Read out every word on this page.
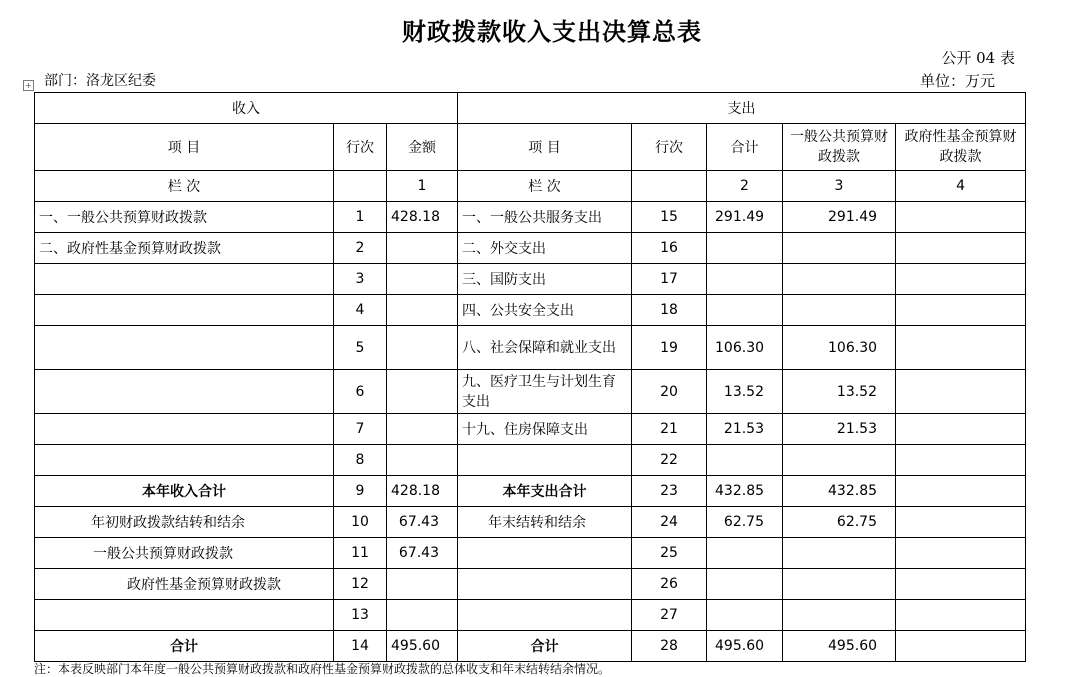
财政拨款收入支出决算总表
公开 04 表
+ 部门：洛龙区纪委	单位：万元
收入			支出				
项 目	行次	金额	项 目	行次	合计	一般公共预算财政拨款	政府性基金预算财政拨款
栏 次		1	栏 次		2	3	4
一、一般公共预算财政拨款	1	428.18	一、一般公共服务支出	15	291.49	291.49	
二、政府性基金预算财政拨款	2		二、外交支出	16			
	3		三、国防支出	17			
	4		四、公共安全支出	18			
	5		八、社会保障和就业支出	19	106.30	106.30	
	6		九、医疗卫生与计划生育支出	20	13.52	13.52	
	7		十九、住房保障支出	21	21.53	21.53	
	8			22			
本年收入合计	9	428.18	本年支出合计	23	432.85	432.85	
年初财政拨款结转和结余	10	67.43	年末结转和结余	24	62.75	62.75	
一般公共预算财政拨款	11	67.43		25			
政府性基金预算财政拨款	12			26			
	13			27			
合计	14	495.60	合计	28	495.60	495.60	
注：本表反映部门本年度一般公共预算财政拨款和政府性基金预算财政拨款的总体收支和年末结转结余情况。
